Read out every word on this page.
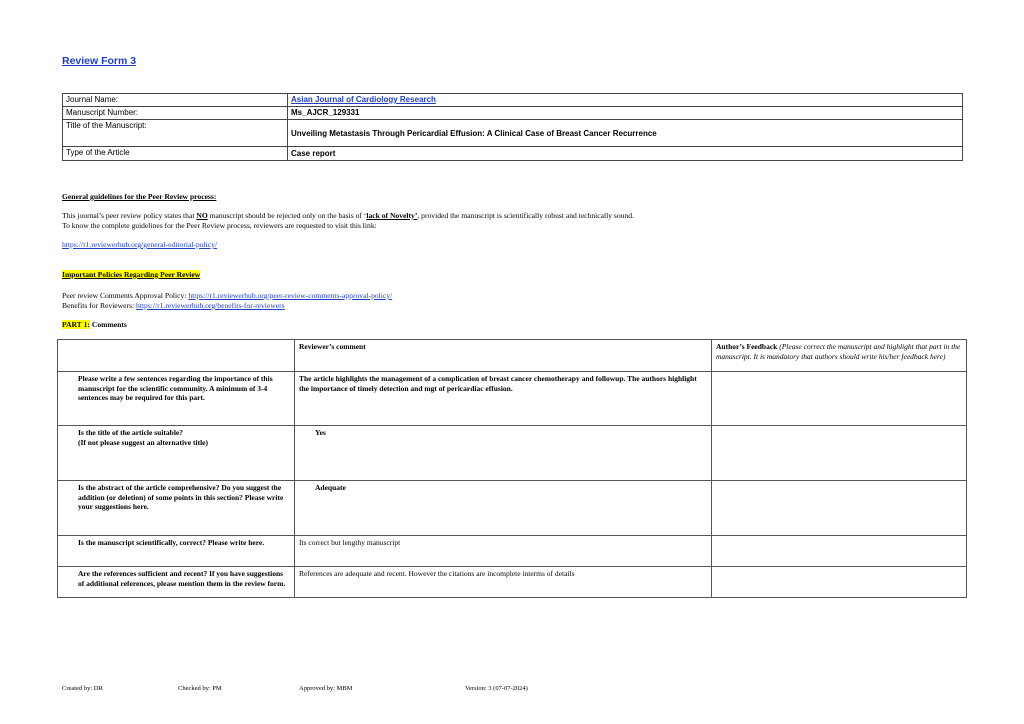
Review Form 3
Journal Name:	Asian Journal of Cardiology Research
Manuscript Number:	Ms_AJCR_129331
Title of the Manuscript:	Unveiling Metastasis Through Pericardial Effusion: A Clinical Case of Breast Cancer Recurrence
Type of the Article	Case report
General guidelines for the Peer Review process:
This journal’s peer review policy states that NO manuscript should be rejected only on the basis of ‘lack of Novelty’, provided the manuscript is scientifically robust and technically sound.
To know the complete guidelines for the Peer Review process, reviewers are requested to visit this link:
https://r1.reviewerhub.org/general-editorial-policy/
Important Policies Regarding Peer Review
Peer review Comments Approval Policy: https://r1.reviewerhub.org/peer-review-comments-approval-policy/
Benefits for Reviewers: https://r1.reviewerhub.org/benefits-for-reviewers
PART 1: Comments
	Reviewer’s comment	Author’s Feedback (Please correct the manuscript and highlight that part in the manuscript. It is mandatory that authors should write his/her feedback here)
Please write a few sentences regarding the importance of this manuscript for the scientific community. A minimum of 3-4 sentences may be required for this part.	The article highlights the management of a complication of breast cancer chemotherapy and followup. The authors highlight the importance of timely detection and mgt of pericardiac effusion.	
Is the title of the article suitable?
(If not please suggest an alternative title)	Yes	
Is the abstract of the article comprehensive? Do you suggest the addition (or deletion) of some points in this section? Please write your suggestions here.	Adequate	
Is the manuscript scientifically, correct? Please write here.	Its correct but lengthy manuscript	
Are the references sufficient and recent? If you have suggestions of additional references, please mention them in the review form.	References are adequate and recent. However the citations are incomplete interms of details	
Created by: DR	Checked by: PM	Approved by: MBM	Version: 3 (07-07-2024)
